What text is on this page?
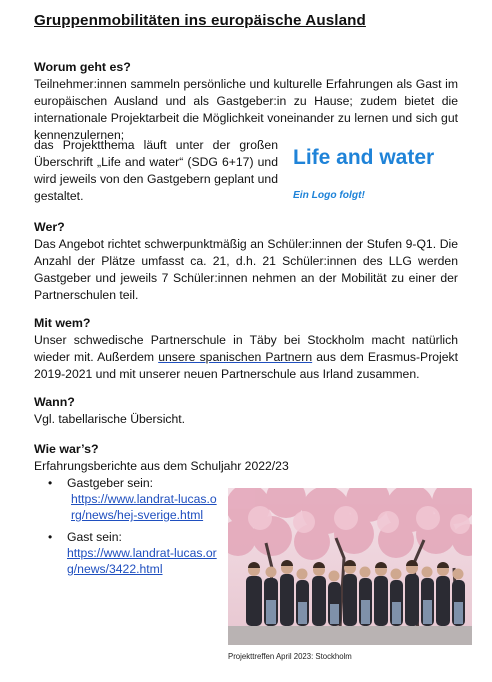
Gruppenmobilitäten ins europäische Ausland
Worum geht es?
Teilnehmer:innen sammeln persönliche und kulturelle Erfahrungen als Gast im europäischen Ausland und als Gastgeber:in zu Hause; zudem bietet die internationale Projektarbeit die Möglichkeit voneinander zu lernen und sich gut kennenzulernen;
das Projektthema läuft unter der großen Überschrift „Life and water“ (SDG 6+17) und wird jeweils von den Gastgebern geplant und gestaltet.
Life and water
Ein Logo folgt!
Wer?
Das Angebot richtet schwerpunktmäßig an Schüler:innen der Stufen 9-Q1. Die Anzahl der Plätze umfasst ca. 21, d.h. 21 Schüler:innen des LLG werden Gastgeber und jeweils 7 Schüler:innen nehmen an der Mobilität zu einer der Partnerschulen teil.
Mit wem?
Unser schwedische Partnerschule in Täby bei Stockholm macht natürlich wieder mit. Außerdem unsere spanischen Partnern aus dem Erasmus-Projekt 2019-2021 und mit unserer neuen Partnerschule aus Irland zusammen.
Wann?
Vgl. tabellarische Übersicht.
Wie war’s?
Erfahrungsberichte aus dem Schuljahr 2022/23
• Gastgeber sein:
https://www.landrat-lucas.org/news/hej-sverige.html
• Gast sein:
https://www.landrat-lucas.org/news/3422.html
Projekttreffen April 2023: Stockholm
